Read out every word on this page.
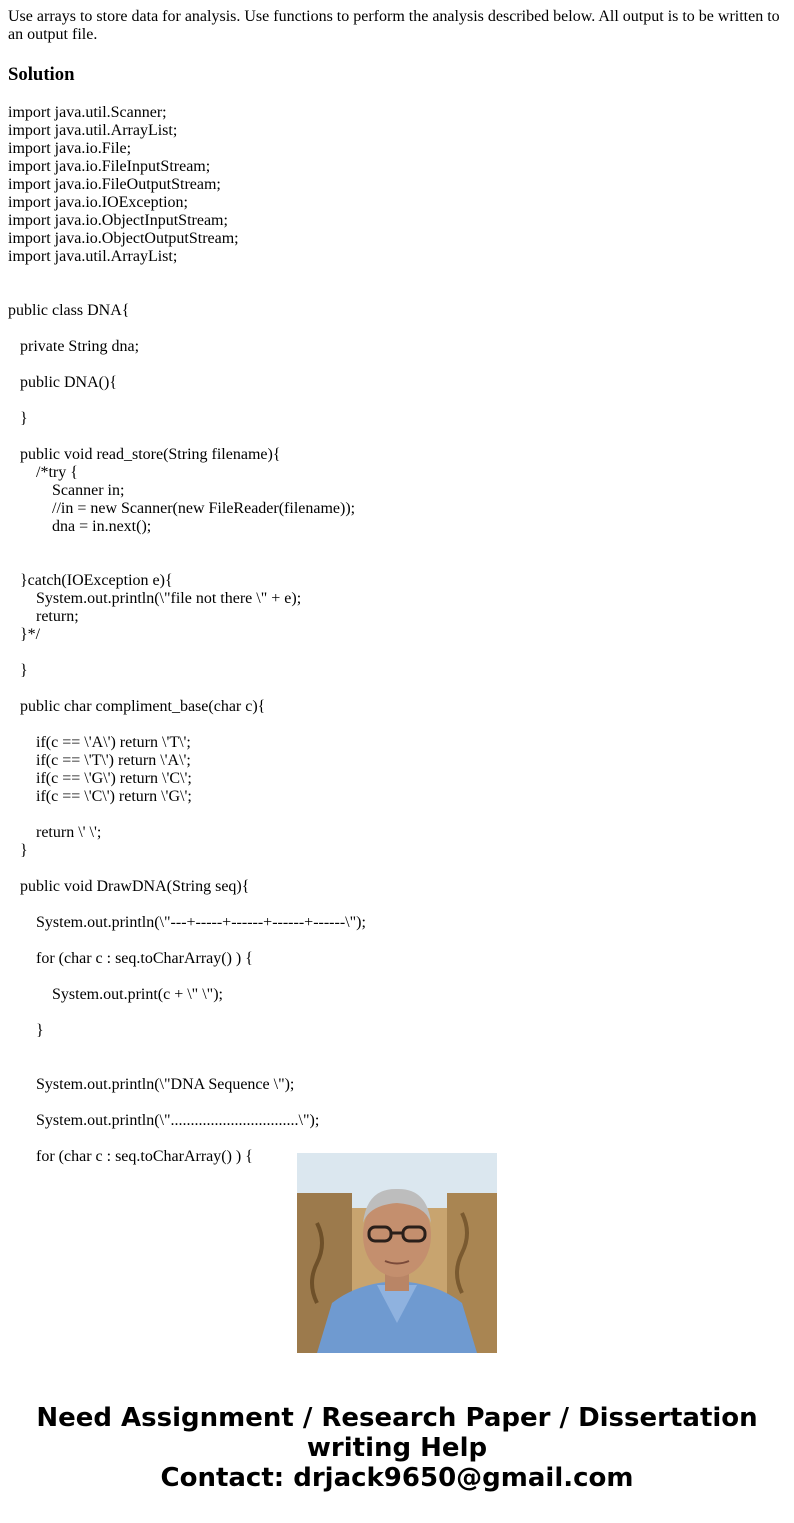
Use arrays to store data for analysis. Use functions to perform the analysis described below. All output is to be written to an output file.

Solution
import java.util.Scanner;
import java.util.ArrayList;
import java.io.File;
import java.io.FileInputStream;
import java.io.FileOutputStream;
import java.io.IOException;
import java.io.ObjectInputStream;
import java.io.ObjectOutputStream;
import java.util.ArrayList;
public class DNA{
private String dna;
public DNA(){
}
public void read_store(String filename){
/*try {
Scanner in;
//in = new Scanner(new FileReader(filename));
dna = in.next();
}catch(IOException e){
System.out.println(\"file not there \" + e);
return;
}*/
}
public char compliment_base(char c){
if(c == \'A\') return \'T\';
if(c == \'T\') return \'A\';
if(c == \'G\') return \'C\';
if(c == \'C\') return \'G\';
return \' \';
}
public void DrawDNA(String seq){
System.out.println(\"---+-----+------+------+------\");
for (char c : seq.toCharArray() ) {
System.out.print(c + \" \");
}
System.out.println(\"DNA Sequence \");
System.out.println(\"................................\");
for (char c : seq.toCharArray() ) {
Need Assignment / Research Paper / Dissertation
writing Help
Contact: drjack9650@gmail.com
